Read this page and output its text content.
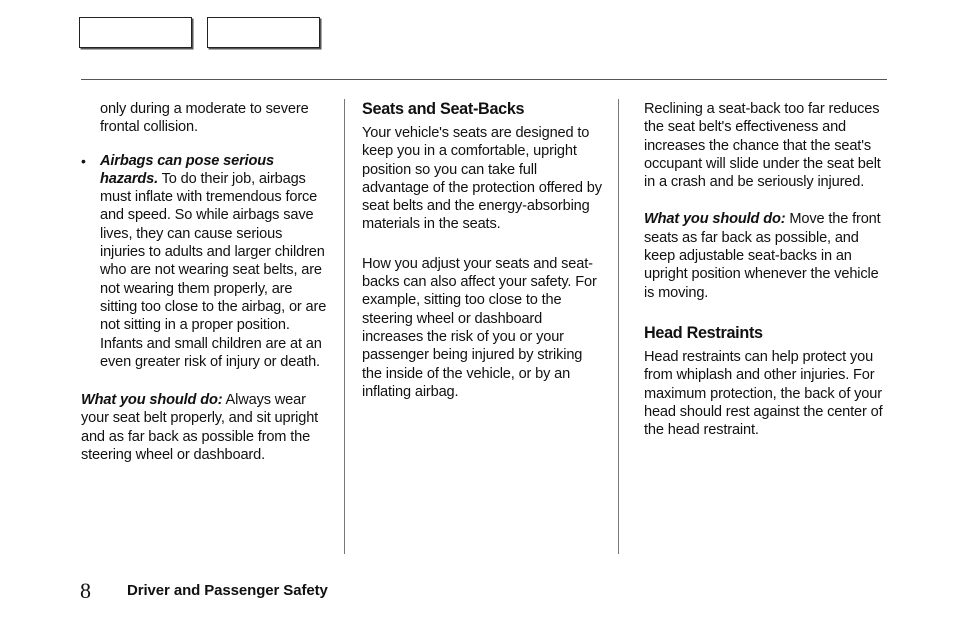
only during a moderate to severe frontal collision.

• Airbags can pose serious hazards. To do their job, airbags must inflate with tremendous force and speed. So while airbags save lives, they can cause serious injuries to adults and larger children who are not wearing seat belts, are not wearing them properly, are sitting too close to the airbag, or are not sitting in a proper position. Infants and small children are at an even greater risk of injury or death.

What you should do: Always wear your seat belt properly, and sit upright and as far back as possible from the steering wheel or dashboard.

Seats and Seat-Backs

Your vehicle's seats are designed to keep you in a comfortable, upright position so you can take full advantage of the protection offered by seat belts and the energy-absorbing materials in the seats.

How you adjust your seats and seat-backs can also affect your safety. For example, sitting too close to the steering wheel or dashboard increases the risk of you or your passenger being injured by striking the inside of the vehicle, or by an inflating airbag.

Reclining a seat-back too far reduces the seat belt's effectiveness and increases the chance that the seat's occupant will slide under the seat belt in a crash and be seriously injured.

What you should do: Move the front seats as far back as possible, and keep adjustable seat-backs in an upright position whenever the vehicle is moving.

Head Restraints

Head restraints can help protect you from whiplash and other injuries. For maximum protection, the back of your head should rest against the center of the head restraint.

8 Driver and Passenger Safety
